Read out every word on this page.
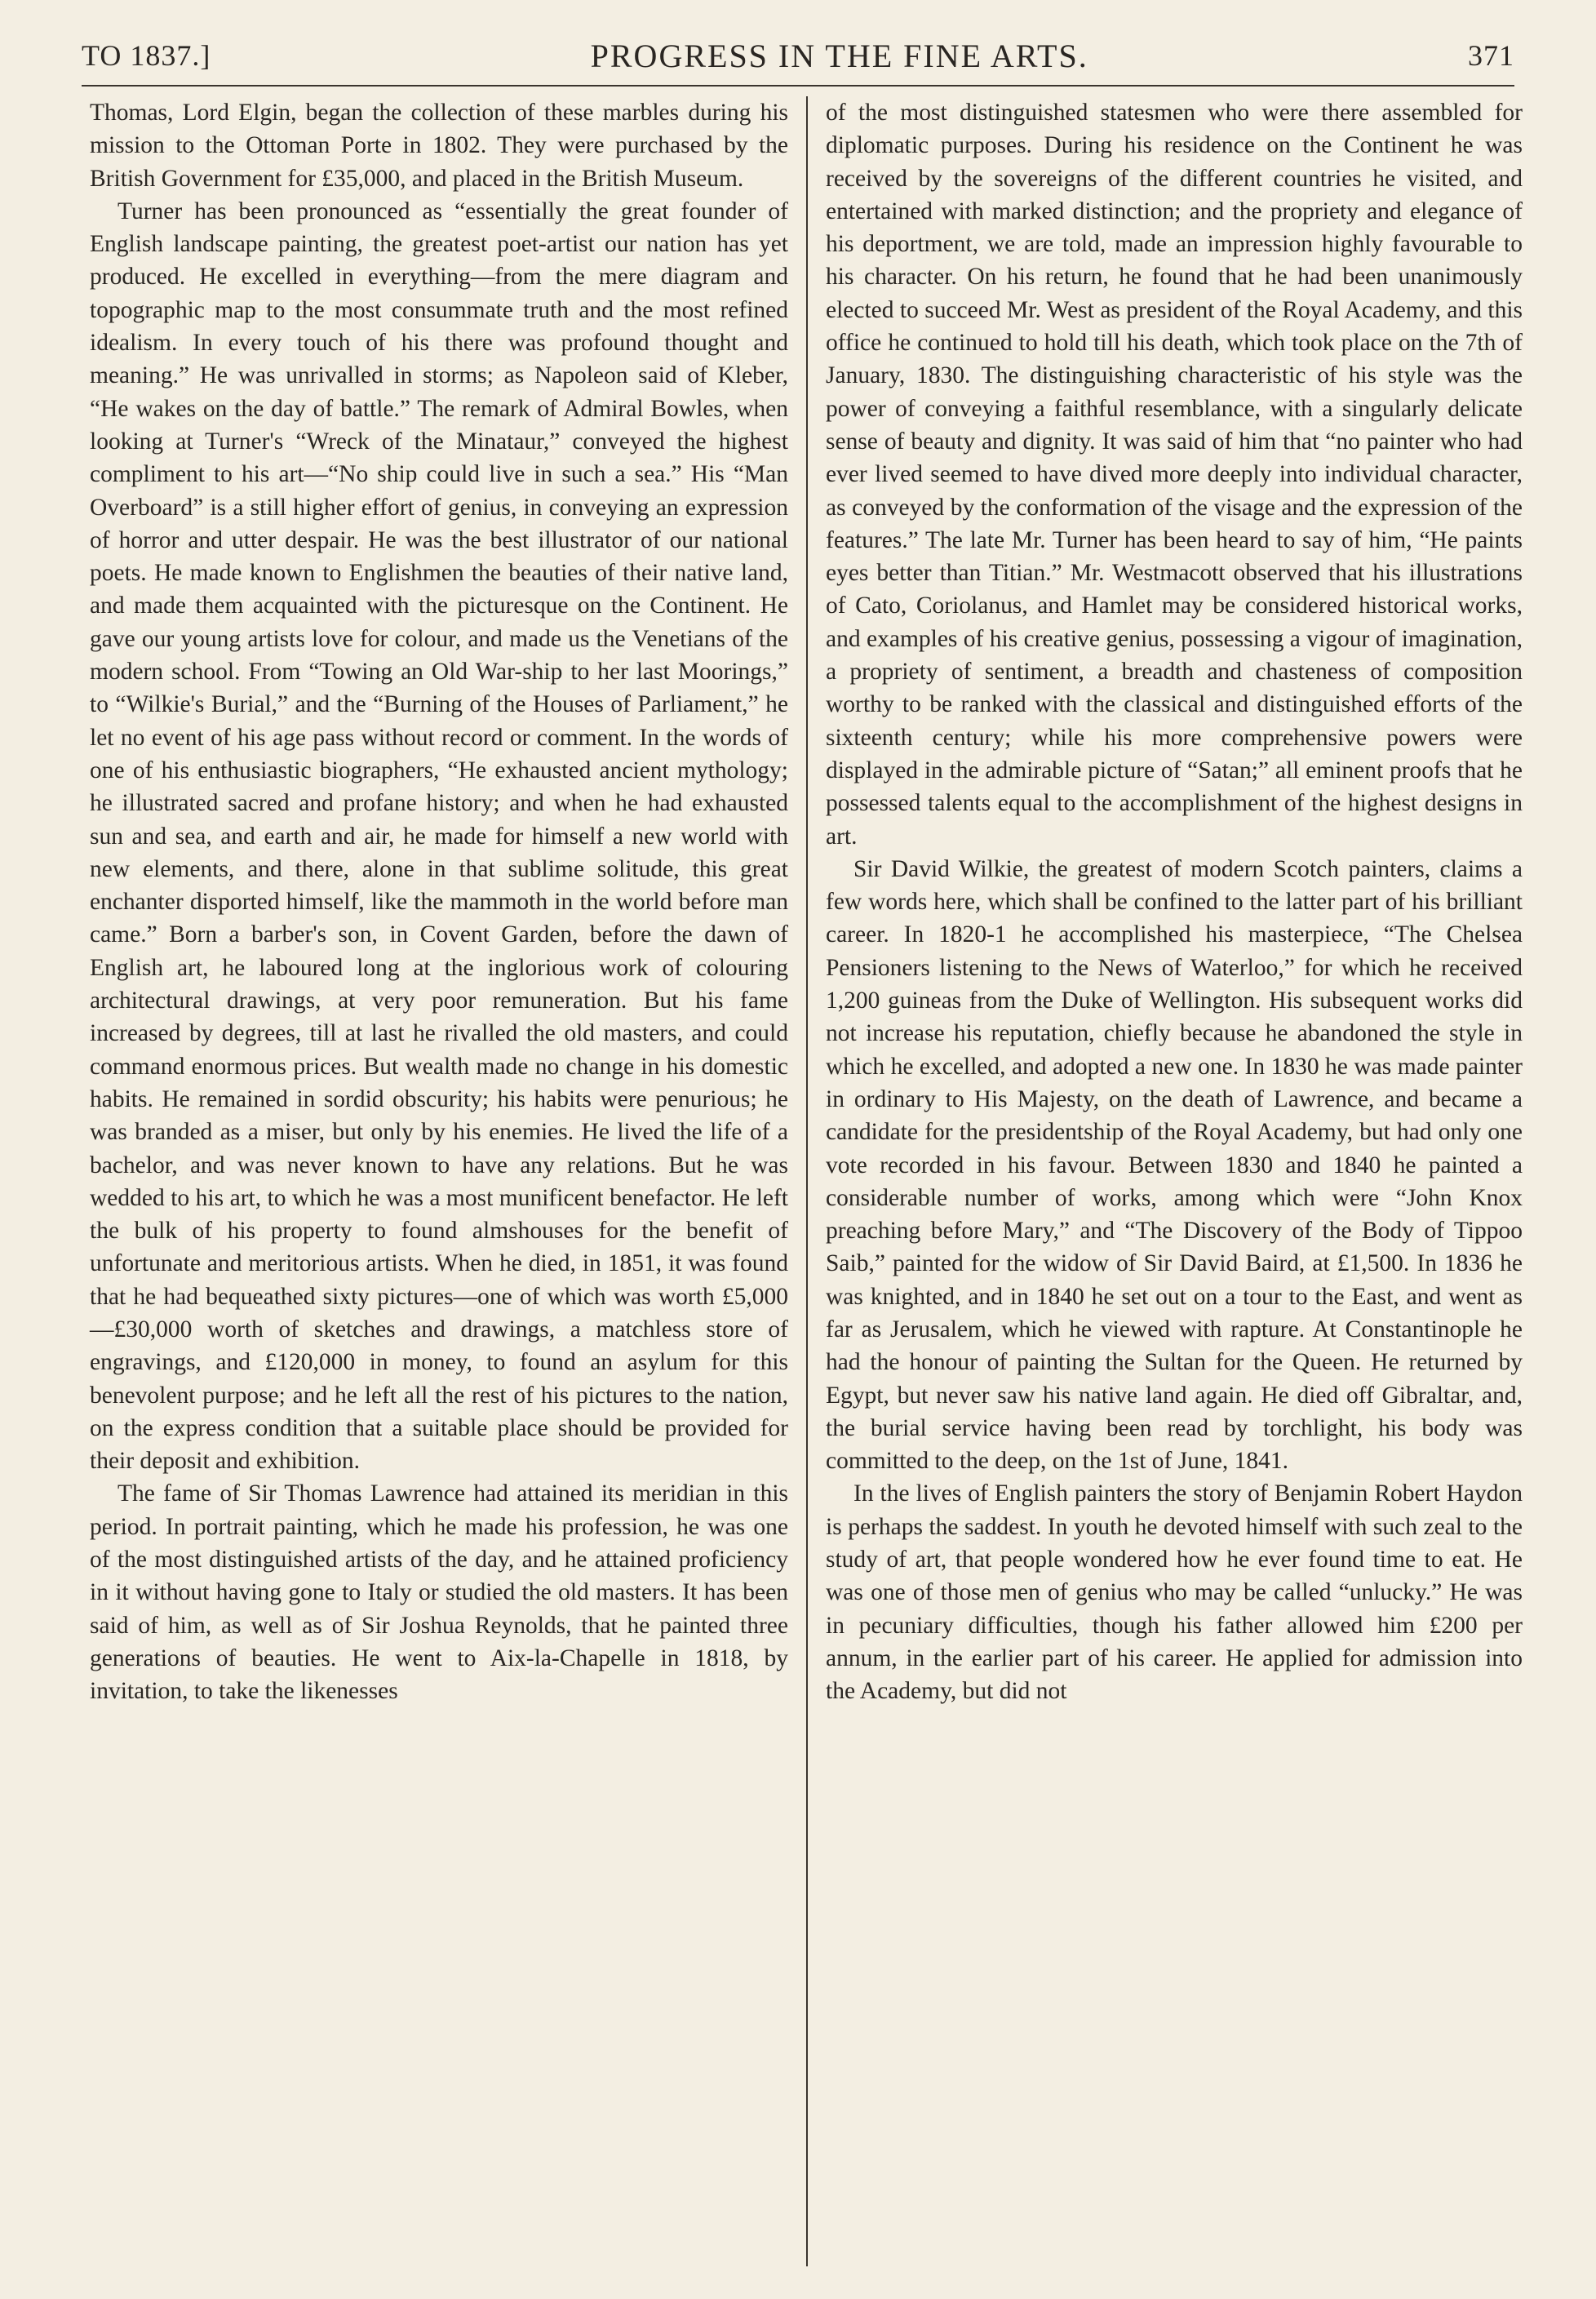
TO 1837.]	PROGRESS IN THE FINE ARTS.	371

Thomas, Lord Elgin, began the collection of these marbles during his mission to the Ottoman Porte in 1802. They were purchased by the British Government for £35,000, and placed in the British Museum.

Turner has been pronounced as “essentially the great founder of English landscape painting, the greatest poet-artist our nation has yet produced. He excelled in everything—from the mere diagram and topographic map to the most consummate truth and the most refined idealism. In every touch of his there was profound thought and meaning.” He was unrivalled in storms; as Napoleon said of Kleber, “He wakes on the day of battle.” The remark of Admiral Bowles, when looking at Turner's “Wreck of the Minataur,” conveyed the highest compliment to his art—“No ship could live in such a sea.” His “Man Overboard” is a still higher effort of genius, in conveying an expression of horror and utter despair. He was the best illustrator of our national poets. He made known to Englishmen the beauties of their native land, and made them acquainted with the picturesque on the Continent. He gave our young artists love for colour, and made us the Venetians of the modern school. From “Towing an Old War-ship to her last Moorings,” to “Wilkie's Burial,” and the “Burning of the Houses of Parliament,” he let no event of his age pass without record or comment. In the words of one of his enthusiastic biographers, “He exhausted ancient mythology; he illustrated sacred and profane history; and when he had exhausted sun and sea, and earth and air, he made for himself a new world with new elements, and there, alone in that sublime solitude, this great enchanter disported himself, like the mammoth in the world before man came.” Born a barber's son, in Covent Garden, before the dawn of English art, he laboured long at the inglorious work of colouring architectural drawings, at very poor remuneration. But his fame increased by degrees, till at last he rivalled the old masters, and could command enormous prices. But wealth made no change in his domestic habits. He remained in sordid obscurity; his habits were penurious; he was branded as a miser, but only by his enemies. He lived the life of a bachelor, and was never known to have any relations. But he was wedded to his art, to which he was a most munificent benefactor. He left the bulk of his property to found almshouses for the benefit of unfortunate and meritorious artists. When he died, in 1851, it was found that he had bequeathed sixty pictures—one of which was worth £5,000—£30,000 worth of sketches and drawings, a matchless store of engravings, and £120,000 in money, to found an asylum for this benevolent purpose; and he left all the rest of his pictures to the nation, on the express condition that a suitable place should be provided for their deposit and exhibition.

The fame of Sir Thomas Lawrence had attained its meridian in this period. In portrait painting, which he made his profession, he was one of the most distinguished artists of the day, and he attained proficiency in it without having gone to Italy or studied the old masters. It has been said of him, as well as of Sir Joshua Reynolds, that he painted three generations of beauties. He went to Aix-la-Chapelle in 1818, by invitation, to take the likenesses

of the most distinguished statesmen who were there assembled for diplomatic purposes. During his residence on the Continent he was received by the sovereigns of the different countries he visited, and entertained with marked distinction; and the propriety and elegance of his deportment, we are told, made an impression highly favourable to his character. On his return, he found that he had been unanimously elected to succeed Mr. West as president of the Royal Academy, and this office he continued to hold till his death, which took place on the 7th of January, 1830. The distinguishing characteristic of his style was the power of conveying a faithful resemblance, with a singularly delicate sense of beauty and dignity. It was said of him that “no painter who had ever lived seemed to have dived more deeply into individual character, as conveyed by the conformation of the visage and the expression of the features.” The late Mr. Turner has been heard to say of him, “He paints eyes better than Titian.” Mr. Westmacott observed that his illustrations of Cato, Coriolanus, and Hamlet may be considered historical works, and examples of his creative genius, possessing a vigour of imagination, a propriety of sentiment, a breadth and chasteness of composition worthy to be ranked with the classical and distinguished efforts of the sixteenth century; while his more comprehensive powers were displayed in the admirable picture of “Satan;” all eminent proofs that he possessed talents equal to the accomplishment of the highest designs in art.

Sir David Wilkie, the greatest of modern Scotch painters, claims a few words here, which shall be confined to the latter part of his brilliant career. In 1820-1 he accomplished his masterpiece, “The Chelsea Pensioners listening to the News of Waterloo,” for which he received 1,200 guineas from the Duke of Wellington. His subsequent works did not increase his reputation, chiefly because he abandoned the style in which he excelled, and adopted a new one. In 1830 he was made painter in ordinary to His Majesty, on the death of Lawrence, and became a candidate for the presidentship of the Royal Academy, but had only one vote recorded in his favour. Between 1830 and 1840 he painted a considerable number of works, among which were “John Knox preaching before Mary,” and “The Discovery of the Body of Tippoo Saib,” painted for the widow of Sir David Baird, at £1,500. In 1836 he was knighted, and in 1840 he set out on a tour to the East, and went as far as Jerusalem, which he viewed with rapture. At Constantinople he had the honour of painting the Sultan for the Queen. He returned by Egypt, but never saw his native land again. He died off Gibraltar, and, the burial service having been read by torchlight, his body was committed to the deep, on the 1st of June, 1841.

In the lives of English painters the story of Benjamin Robert Haydon is perhaps the saddest. In youth he devoted himself with such zeal to the study of art, that people wondered how he ever found time to eat. He was one of those men of genius who may be called “unlucky.” He was in pecuniary difficulties, though his father allowed him £200 per annum, in the earlier part of his career. He applied for admission into the Academy, but did not
